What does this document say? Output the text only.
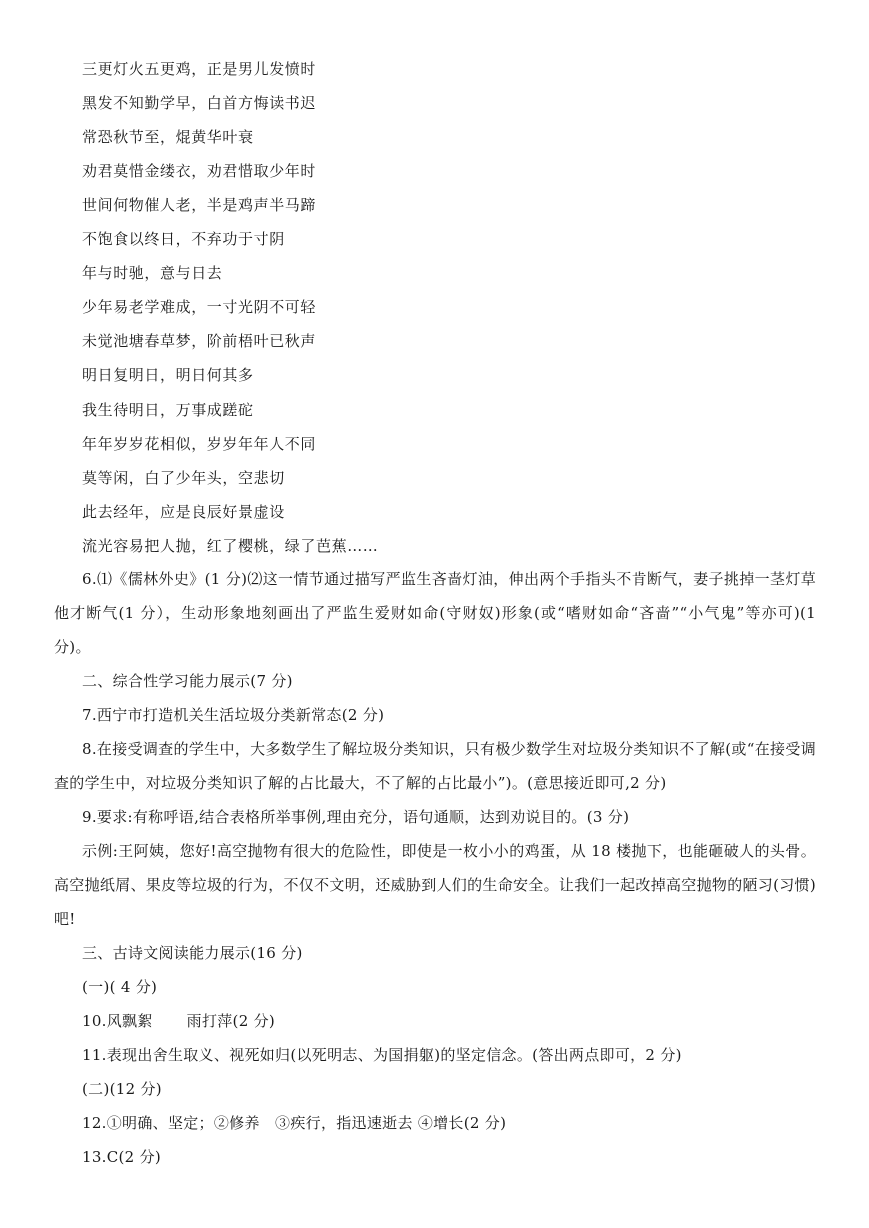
三更灯火五更鸡，正是男儿发愤时
黑发不知勤学早，白首方悔读书迟
常恐秋节至，焜黄华叶衰
劝君莫惜金缕衣，劝君惜取少年时
世间何物催人老，半是鸡声半马蹄
不饱食以终日，不弃功于寸阴
年与时驰，意与日去
少年易老学难成，一寸光阴不可轻
未觉池塘春草梦，阶前梧叶已秋声
明日复明日，明日何其多
我生待明日，万事成蹉砣
年年岁岁花相似，岁岁年年人不同
莫等闲，白了少年头，空悲切
此去经年，应是良辰好景虚设
流光容易把人抛，红了樱桃，绿了芭蕉……
6.⑴《儒林外史》(1 分)⑵这一情节通过描写严监生吝啬灯油，伸出两个手指头不肯断气，妻子挑掉一茎灯草他才断气(1 分），生动形象地刻画出了严监生爱财如命(守财奴)形象(或“嗜财如命“吝啬”“小气鬼”等亦可)(1 分)。
二、综合性学习能力展示(7 分)
7.西宁市打造机关生活垃圾分类新常态(2 分)
8.在接受调查的学生中，大多数学生了解垃圾分类知识，只有极少数学生对垃圾分类知识不了解(或“在接受调查的学生中，对垃圾分类知识了解的占比最大，不了解的占比最小”)。(意思接近即可,2 分)
9.要求:有称呼语,结合表格所举事例,理由充分，语句通顺，达到劝说目的。(3 分)
示例:王阿姨，您好!高空抛物有很大的危险性，即使是一枚小小的鸡蛋，从 18 楼抛下，也能砸破人的头骨。高空抛纸屑、果皮等垃圾的行为，不仅不文明，还威胁到人们的生命安全。让我们一起改掉高空抛物的陋习(习惯)吧!
三、古诗文阅读能力展示(16 分)
(一)( 4 分)
10.风飘絮 雨打萍(2 分)
11.表现出舍生取义、视死如归(以死明志、为国捐躯)的坚定信念。(答出两点即可，2 分)
(二)(12 分)
12.①明确、坚定；②修养　③疾行，指迅速逝去 ④增长(2 分)
13.C(2 分)
